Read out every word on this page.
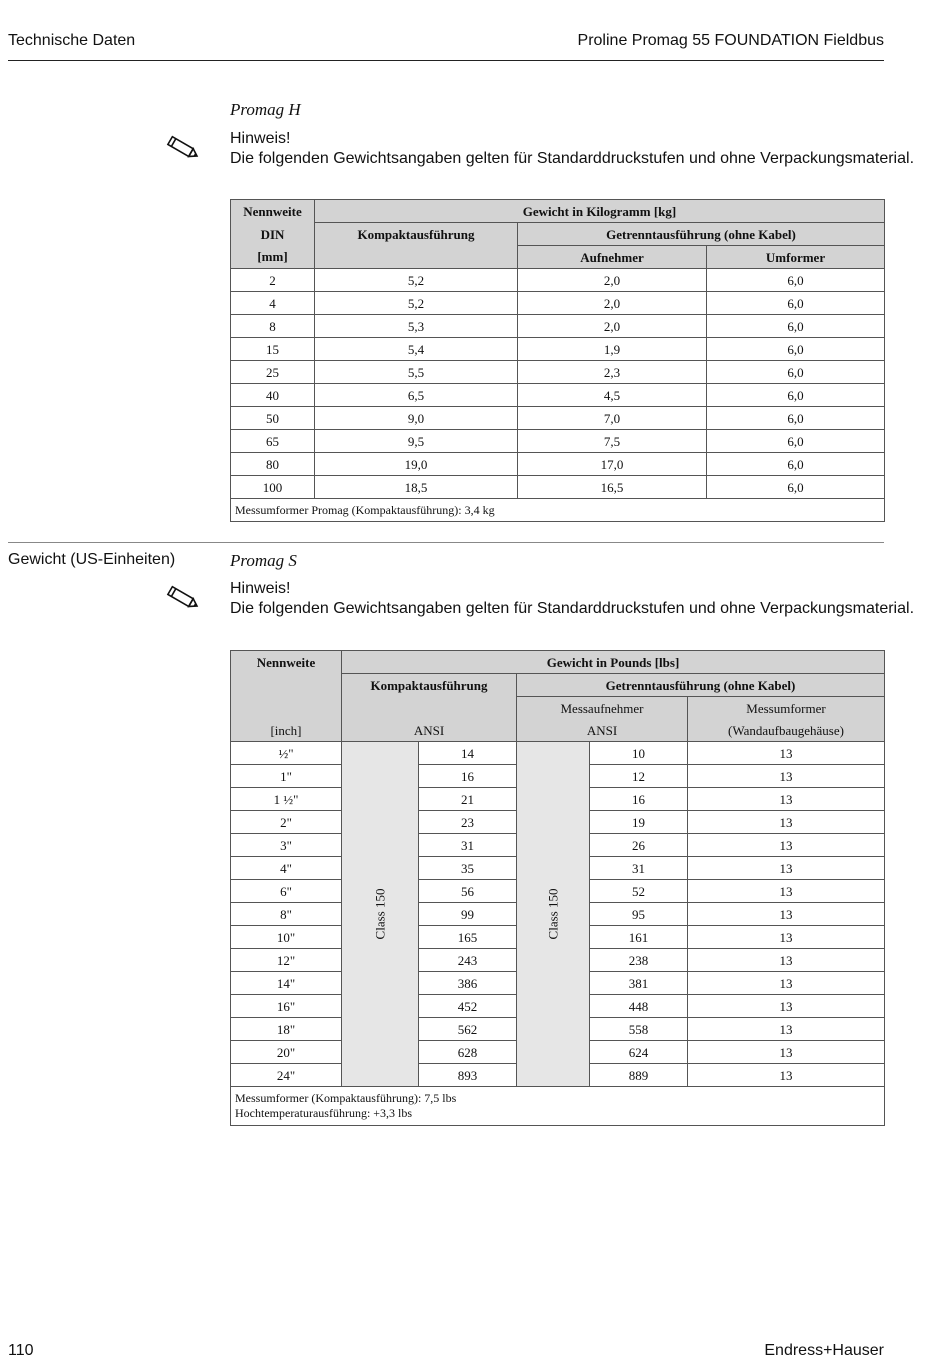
Technische Daten	Proline Promag 55 FOUNDATION Fieldbus
Promag H
Hinweis!
Die folgenden Gewichtsangaben gelten für Standarddruckstufen und ohne Verpackungsmaterial.
Nennweite	Gewicht in Kilogramm [kg]		
DIN	Kompaktausführung	Getrenntausführung (ohne Kabel)	
[mm]		Aufnehmer	Umformer
2	5,2	2,0	6,0
4	5,2	2,0	6,0
8	5,3	2,0	6,0
15	5,4	1,9	6,0
25	5,5	2,3	6,0
40	6,5	4,5	6,0
50	9,0	7,0	6,0
65	9,5	7,5	6,0
80	19,0	17,0	6,0
100	18,5	16,5	6,0
Messumformer Promag (Kompaktausführung): 3,4 kg			
Gewicht (US-Einheiten)	Promag S
Hinweis!
Die folgenden Gewichtsangaben gelten für Standarddruckstufen und ohne Verpackungsmaterial.
Nennweite	Gewicht in Pounds [lbs]				
	Kompaktausführung		Getrenntausführung (ohne Kabel)		
			Messaufnehmer		Messumformer
[inch]	ANSI		ANSI		(Wandaufbaugehäuse)
½"	Class 150	14	Class 150	10	13
1"		16		12	13
1 ½"		21		16	13
2"		23		19	13
3"		31		26	13
4"		35		31	13
6"		56		52	13
8"		99		95	13
10"		165		161	13
12"		243		238	13
14"		386		381	13
16"		452		448	13
18"		562		558	13
20"		628		624	13
24"		893		889	13

Messumformer (Kompaktausführung): 7,5 lbs
Hochtemperaturausführung: +3,3 lbs					
110	Endress+Hauser
